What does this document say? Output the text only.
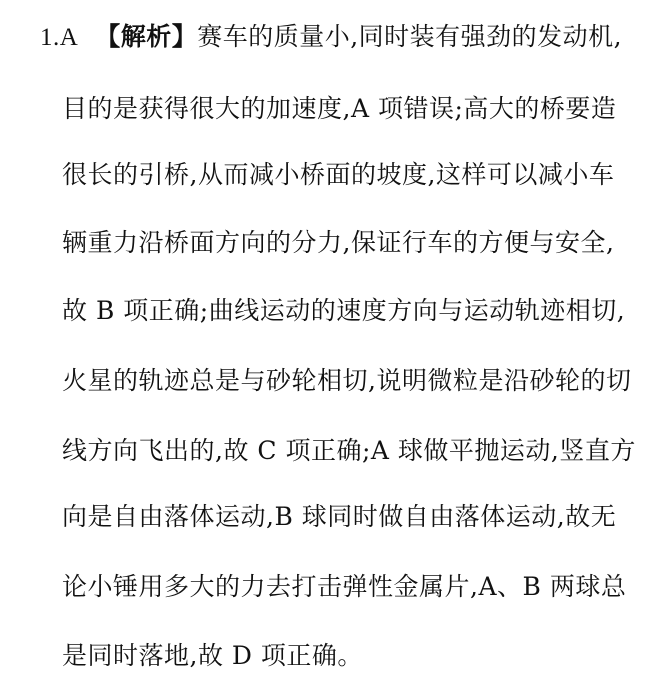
1.A 【解析】赛车的质量小,同时装有强劲的发动机,
目的是获得很大的加速度,A 项错误;高大的桥要造
很长的引桥,从而减小桥面的坡度,这样可以减小车
辆重力沿桥面方向的分力,保证行车的方便与安全,
故 B 项正确;曲线运动的速度方向与运动轨迹相切,
火星的轨迹总是与砂轮相切,说明微粒是沿砂轮的切
线方向飞出的,故 C 项正确;A 球做平抛运动,竖直方
向是自由落体运动,B 球同时做自由落体运动,故无
论小锤用多大的力去打击弹性金属片,A、B 两球总
是同时落地,故 D 项正确。
